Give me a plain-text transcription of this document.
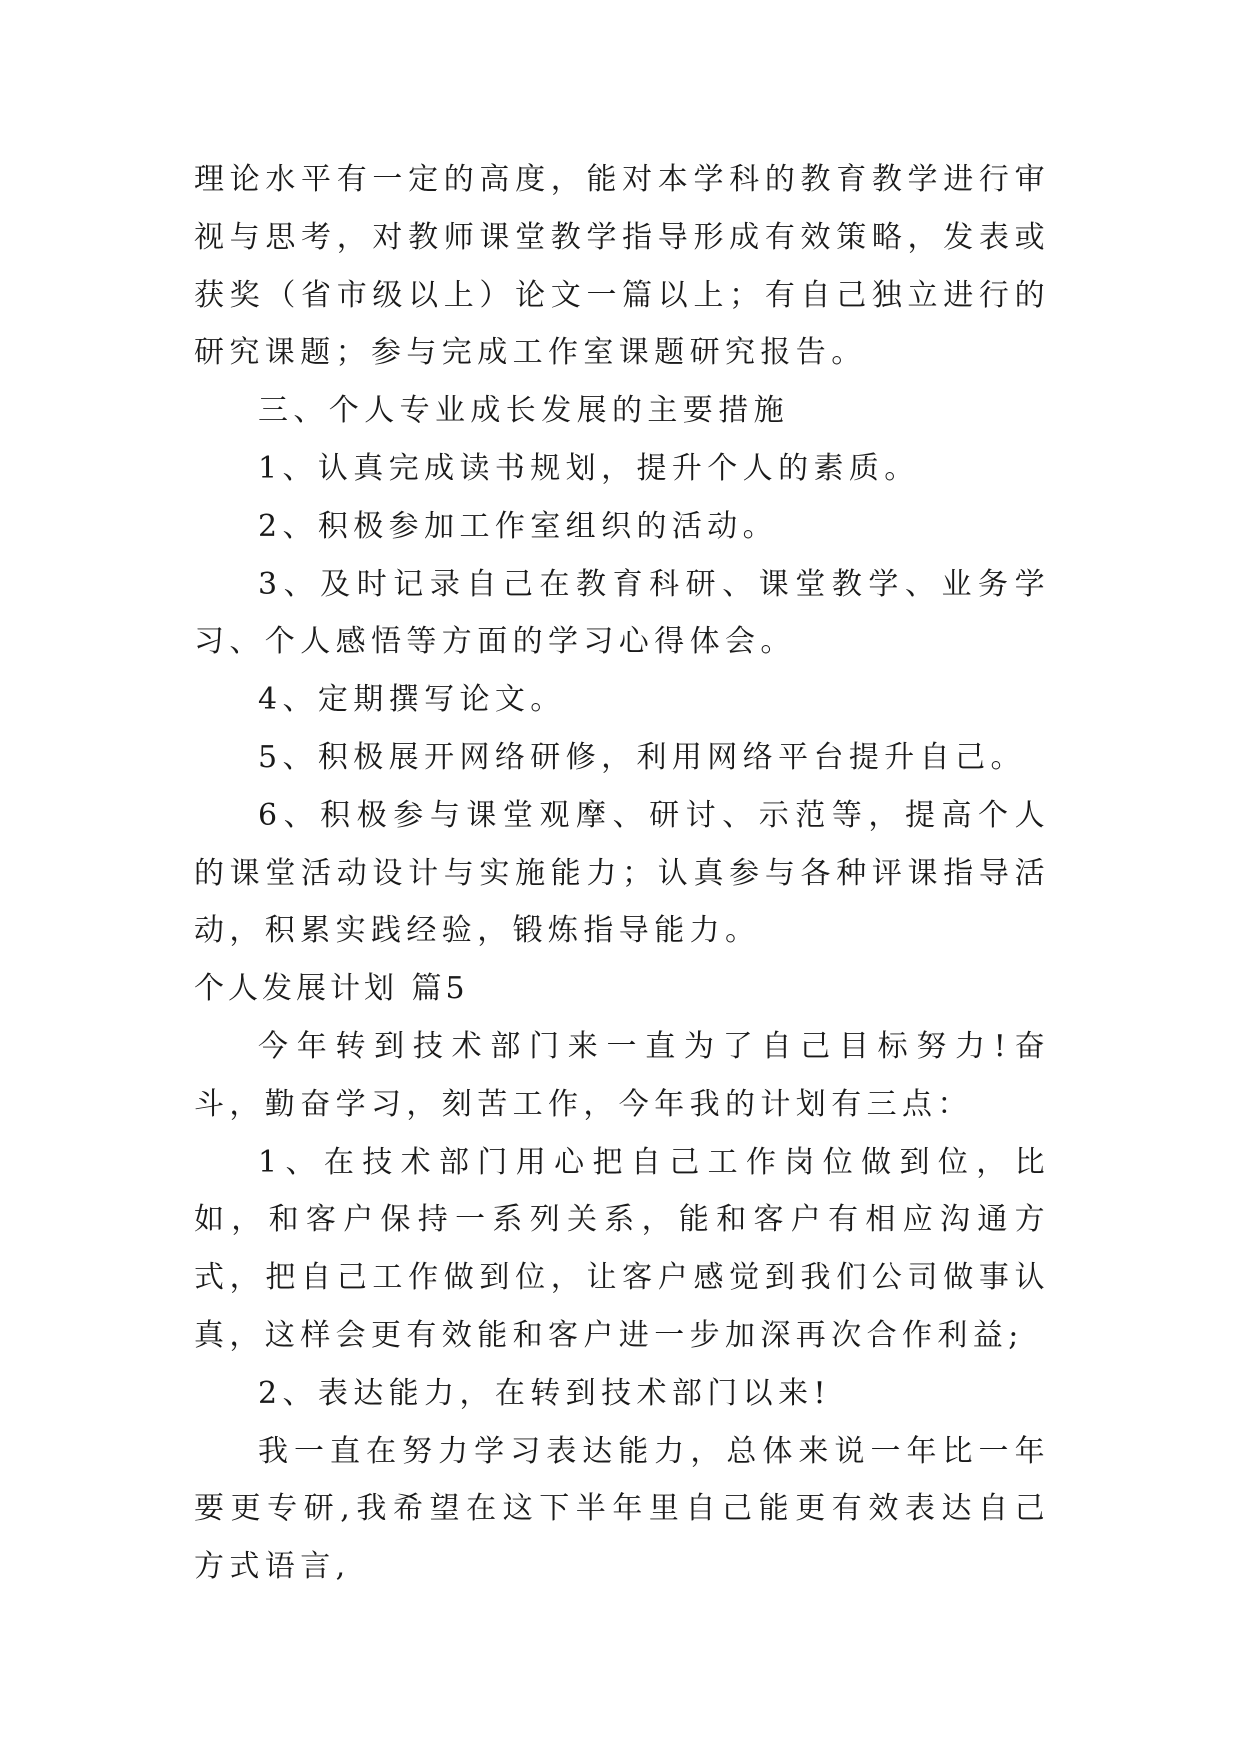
理论水平有一定的高度，能对本学科的教育教学进行审视与思考，对教师课堂教学指导形成有效策略，发表或获奖（省市级以上）论文一篇以上；有自己独立进行的研究课题；参与完成工作室课题研究报告。

三、个人专业成长发展的主要措施

1、认真完成读书规划，提升个人的素质。

2、积极参加工作室组织的活动。

3、及时记录自己在教育科研、课堂教学、业务学习、个人感悟等方面的学习心得体会。

4、定期撰写论文。

5、积极展开网络研修，利用网络平台提升自己。

6、积极参与课堂观摩、研讨、示范等，提高个人的课堂活动设计与实施能力；认真参与各种评课指导活动，积累实践经验，锻炼指导能力。

个人发展计划 篇5

今年转到技术部门来一直为了自己目标努力!奋斗，勤奋学习，刻苦工作，今年我的计划有三点：

1、在技术部门用心把自己工作岗位做到位，比如，和客户保持一系列关系，能和客户有相应沟通方式，把自己工作做到位，让客户感觉到我们公司做事认真，这样会更有效能和客户进一步加深再次合作利益;

2、表达能力，在转到技术部门以来!

我一直在努力学习表达能力，总体来说一年比一年要更专研,我希望在这下半年里自己能更有效表达自己方式语言,
